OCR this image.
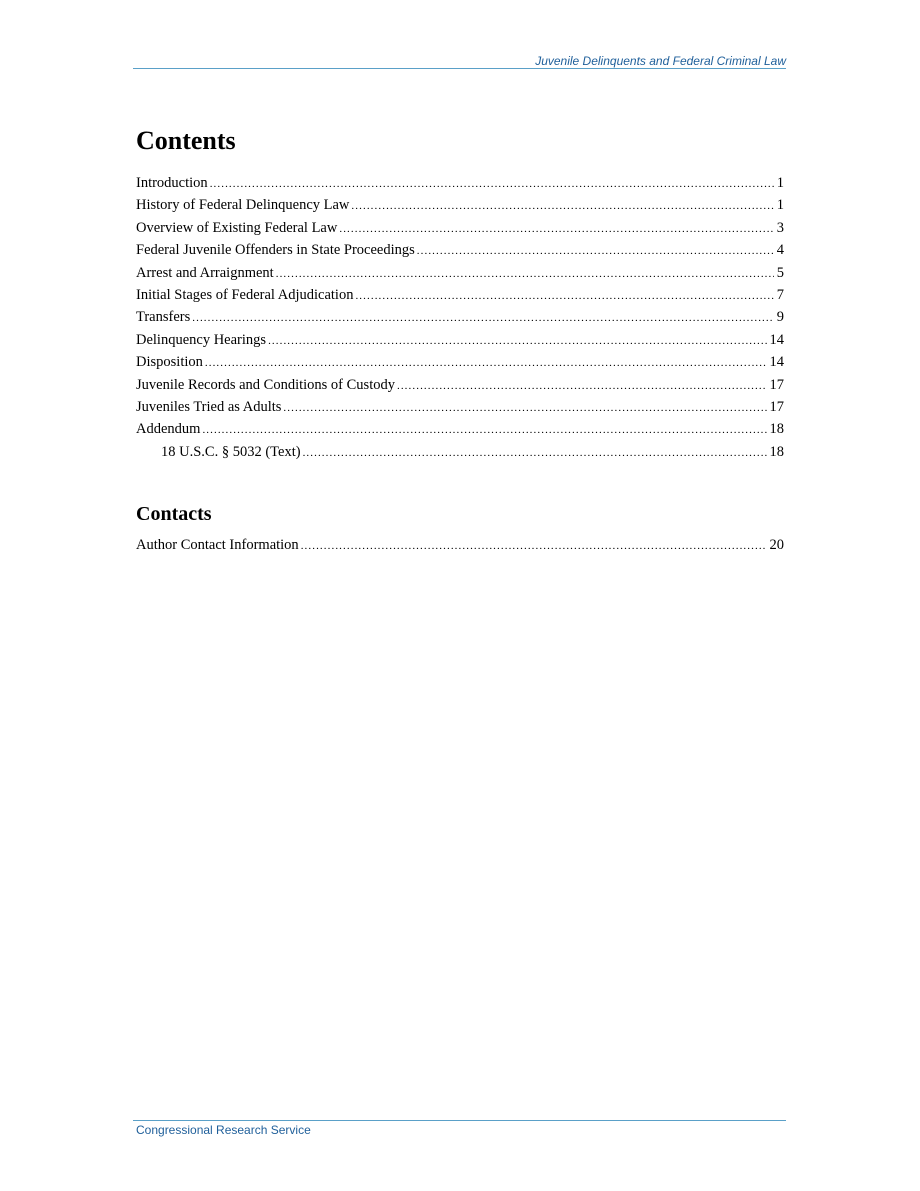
Juvenile Delinquents and Federal Criminal Law
Contents
Introduction .....	1
History of Federal Delinquency Law .....	1
Overview of Existing Federal Law .....	3
Federal Juvenile Offenders in State Proceedings .....	4
Arrest and Arraignment .....	5
Initial Stages of Federal Adjudication .....	7
Transfers .....	9
Delinquency Hearings .....	14
Disposition .....	14
Juvenile Records and Conditions of Custody .....	17
Juveniles Tried as Adults .....	17
Addendum .....	18
18 U.S.C. § 5032 (Text) .....	18
Contacts
Author Contact Information .....	20
Congressional Research Service
